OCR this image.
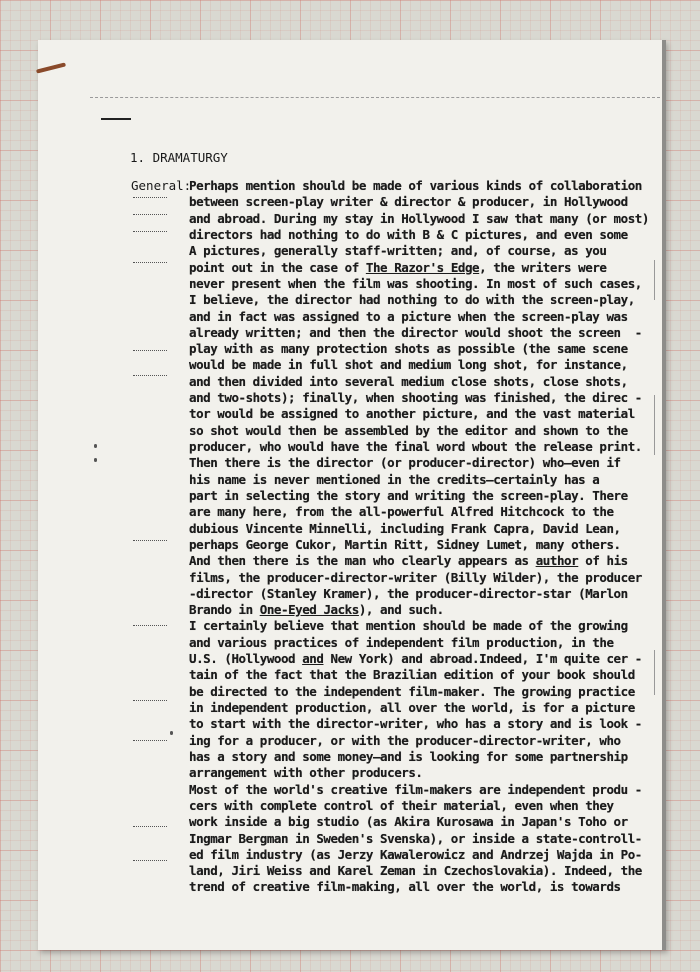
1. DRAMATURGY
General:
Perhaps mention should be made of various kinds of collaboration
between screen-play writer & director & producer, in Hollywood
and abroad. During my stay in Hollywood I saw that many (or most)
directors had nothing to do with B & C pictures, and even some
A pictures, generally staff-written; and, of course, as you
point out in the case of The Razor's Edge, the writers were
never present when the film was shooting. In most of such cases,
I believe, the director had nothing to do with the screen-play,
and in fact was assigned to a picture when the screen-play was
already written; and then the director would shoot the screen  -
play with as many protection shots as possible (the same scene
would be made in full shot and medium long shot, for instance,
and then divided into several medium close shots, close shots,
and two-shots); finally, when shooting was finished, the direc -
tor would be assigned to another picture, and the vast material
so shot would then be assembled by the editor and shown to the
producer, who would have the final word wbout the release print.
Then there is the director (or producer-director) who—even if
his name is never mentioned in the credits—certainly has a
part in selecting the story and writing the screen-play. There
are many here, from the all-powerful Alfred Hitchcock to the
dubious Vincente Minnelli, including Frank Capra, David Lean,
perhaps George Cukor, Martin Ritt, Sidney Lumet, many others.
And then there is the man who clearly appears as author of his
films, the producer-director-writer (Billy Wilder), the producer
-director (Stanley Kramer), the producer-director-star (Marlon
Brando in One-Eyed Jacks), and such.
I certainly believe that mention should be made of the growing
and various practices of independent film production, in the
U.S. (Hollywood and New York) and abroad.Indeed, I'm quite cer -
tain of the fact that the Brazilian edition of your book should
be directed to the independent film-maker. The growing practice
in independent production, all over the world, is for a picture
to start with the director-writer, who has a story and is look -
ing for a producer, or with the producer-director-writer, who
has a story and some money—and is looking for some partnership
arrangement with other producers.
Most of the world's creative film-makers are independent produ -
cers with complete control of their material, even when they
work inside a big studio (as Akira Kurosawa in Japan's Toho or
Ingmar Bergman in Sweden's Svenska), or inside a state-controll-
ed film industry (as Jerzy Kawalerowicz and Andrzej Wajda in Po-
land, Jiri Weiss and Karel Zeman in Czechoslovakia). Indeed, the
trend of creative film-making, all over the world, is towards
